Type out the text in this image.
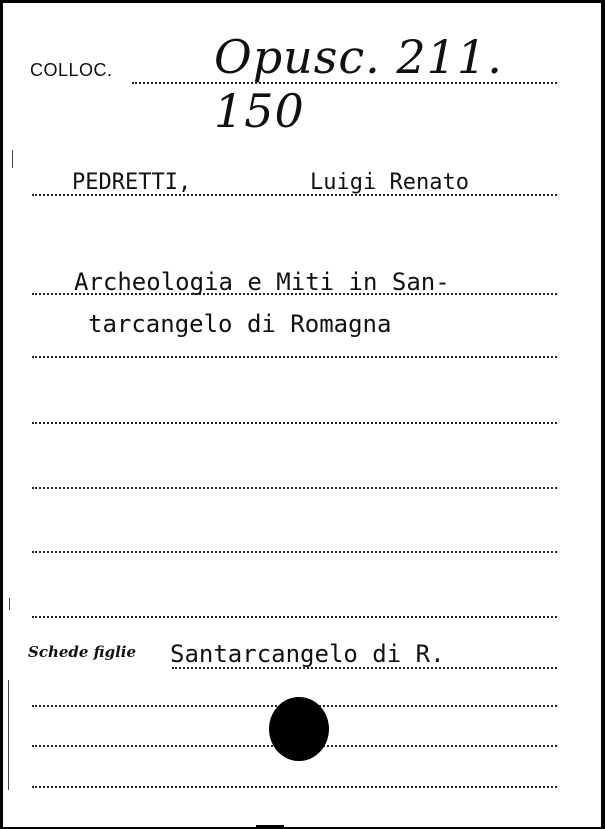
COLLOC. Opusc. 211. 150
PEDRETTI,	Luigi Renato
Archeologia e Miti in San-
tarcangelo di Romagna
Schede figlie Santarcangelo di R.
